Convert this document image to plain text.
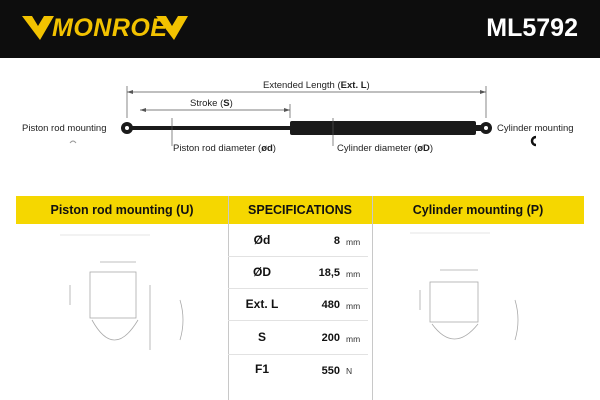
MONROE	ML5792
Extended Length (Ext. L)
Stroke (S)
Piston rod mounting	Cylinder mounting
Piston rod diameter (ød)	Cylinder diameter (øD)
Piston rod mounting (U)	SPECIFICATIONS	Cylinder mounting (P)
Ød	8 mm
ØD	18,5 mm
Ext. L	480 mm
S	200 mm
F1	550 N
